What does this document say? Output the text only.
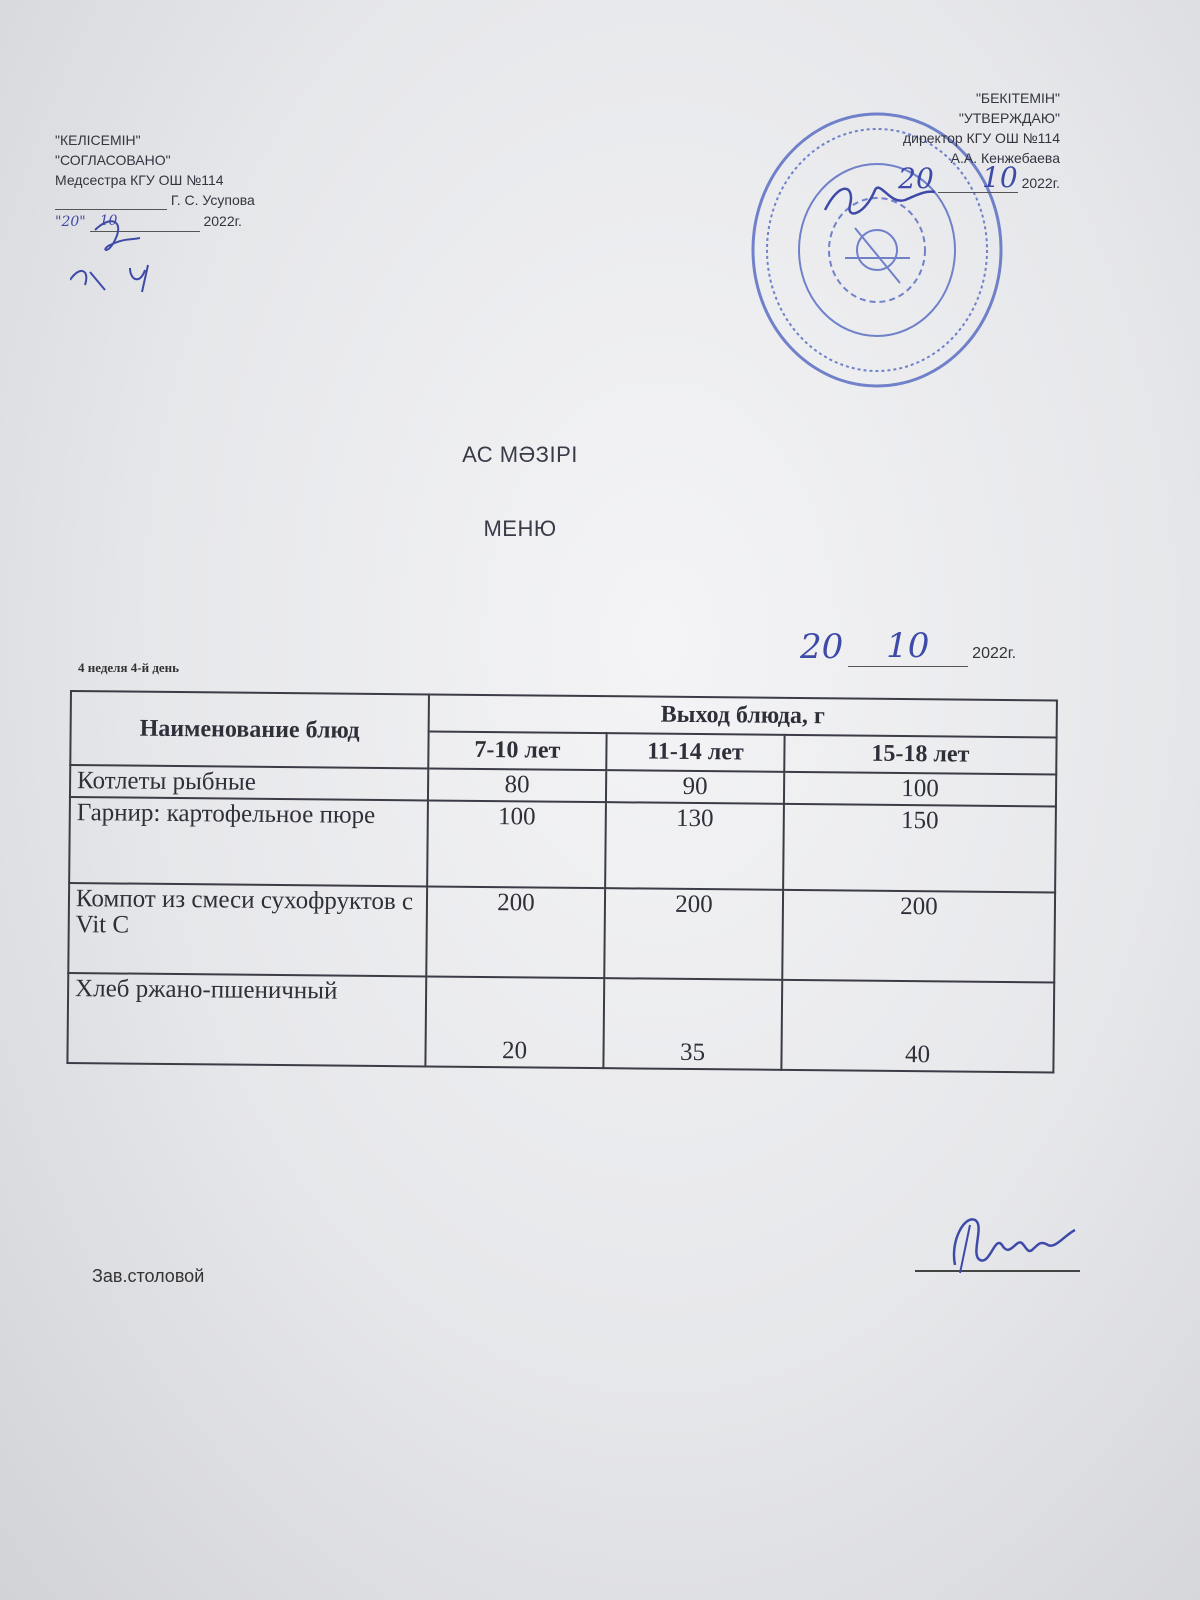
"КЕЛІСЕМІН"
"СОГЛАСОВАНО"
Медсестра КГУ ОШ №114
Г. С. Усупова
"20" 10	2022г.
"БЕКІТЕМІН"
"УТВЕРЖДАЮ"
директор КГУ ОШ №114
А.А. Кенжебаева
20 10 2022г.
АС МӘЗІРІ
МЕНЮ
4 неделя 4-й день
20 10	2022г.
Наименование блюд	Выход блюда, г		
	7-10 лет	11-14 лет	15-18 лет
Котлеты рыбные	80	90	100
Гарнир: картофельное пюре	100	130	150
Компот из смеси сухофруктов с Vit C	200	200	200
Хлеб ржано-пшеничный	20	35	40
Зав.столовой
